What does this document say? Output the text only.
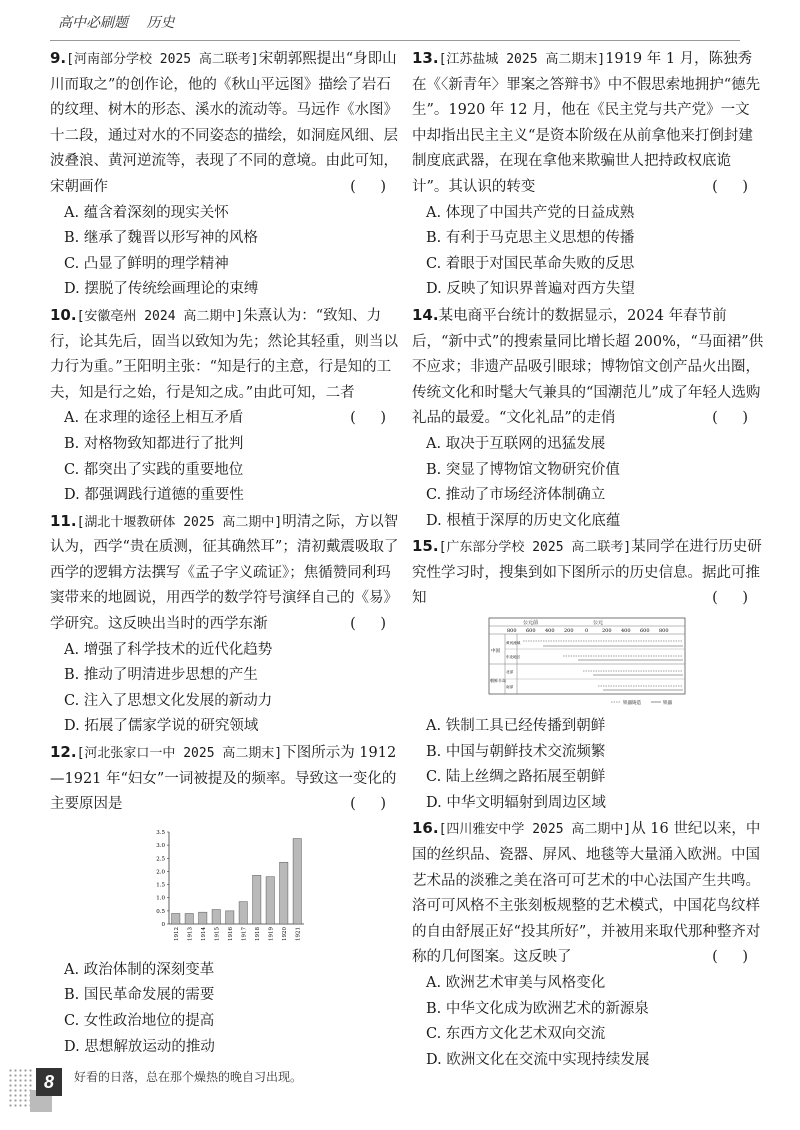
高中必刷题 历史
9.[河南部分学校 2025 高二联考]宋朝郭熙提出“身即山川而取之”的创作论，他的《秋山平远图》描绘了岩石的纹理、树木的形态、溪水的流动等。马远作《水图》十二段，通过对水的不同姿态的描绘，如洞庭风细、层波叠浪、黄河逆流等，表现了不同的意境。由此可知，宋朝画作	( )
A. 蕴含着深刻的现实关怀
B. 继承了魏晋以形写神的风格
C. 凸显了鲜明的理学精神
D. 摆脱了传统绘画理论的束缚
10.[安徽亳州 2024 高二期中]朱熹认为：“致知、力行，论其先后，固当以致知为先；然论其轻重，则当以力行为重。”王阳明主张：“知是行的主意，行是知的工夫，知是行之始，行是知之成。”由此可知，二者
( )
A. 在求理的途径上相互矛盾
B. 对格物致知都进行了批判
C. 都突出了实践的重要地位
D. 都强调践行道德的重要性
11.[湖北十堰教研体 2025 高二期中]明清之际，方以智认为，西学“贵在质测，征其确然耳”；清初戴震吸取了西学的逻辑方法撰写《孟子字义疏证》；焦循赞同利玛窦带来的地圆说，用西学的数学符号演绎自己的《易》学研究。这反映出当时的西学东渐	( )
A. 增强了科学技术的近代化趋势
B. 推动了明清进步思想的产生
C. 注入了思想文化发展的新动力
D. 拓展了儒家学说的研究领域
12.[河北张家口一中 2025 高二期末]下图所示为 1912—1921 年“妇女”一词被提及的频率。导致这一变化的主要原因是	( )
0
0.5
1.0
1.5
2.0
2.5
3.0
3.5
1912 1913 1914 1915 1916 1917 1918 1919 1920 1921
A. 政治体制的深刻变革
B. 国民革命发展的需要
C. 女性政治地位的提高
D. 思想解放运动的推动
13.[江苏盐城 2025 高二期末]1919 年 1 月，陈独秀在《〈新青年〉罪案之答辩书》中不假思索地拥护“德先生”。1920 年 12 月，他在《民主党与共产党》一文中却指出民主主义“是资本阶级在从前拿他来打倒封建制度底武器，在现在拿他来欺骗世人把持政权底诡计”。其认识的转变	( )
A. 体现了中国共产党的日益成熟
B. 有利于马克思主义思想的传播
C. 着眼于对国民革命失败的反思
D. 反映了知识界普遍对西方失望
14.某电商平台统计的数据显示，2024 年春节前后，“新中式”的搜索量同比增长超 200%，“马面裙”供不应求；非遗产品吸引眼球；博物馆文创产品火出圈，传统文化和时髦大气兼具的“国潮范儿”成了年轻人选购礼品的最爱。“文化礼品”的走俏	( )
A. 取决于互联网的迅猛发展
B. 突显了博物馆文物研究价值
C. 推动了市场经济体制确立
D. 根植于深厚的历史文化底蕴
15.[广东部分学校 2025 高二联考]某同学在进行历史研究性学习时，搜集到如下图所示的历史信息。据此可推知	( )
公元前	公元
800 600 400 200 0	200 400 600 800
中国
朝鲜半岛
黄河流域
东北地区
北部
南部
铁器铸造	铁器
A. 铁制工具已经传播到朝鲜
B. 中国与朝鲜技术交流频繁
C. 陆上丝绸之路拓展至朝鲜
D. 中华文明辐射到周边区域
16.[四川雅安中学 2025 高二期中]从 16 世纪以来，中国的丝织品、瓷器、屏风、地毯等大量涌入欧洲。中国艺术品的淡雅之美在洛可可艺术的中心法国产生共鸣。洛可可风格不主张刻板规整的艺术模式，中国花鸟纹样的自由舒展正好“投其所好”，并被用来取代那种整齐对称的几何图案。这反映了	( )
A. 欧洲艺术审美与风格变化
B. 中华文化成为欧洲艺术的新源泉
C. 东西方文化艺术双向交流
D. 欧洲文化在交流中实现持续发展
8	好看的日落，总在那个燥热的晚自习出现。
